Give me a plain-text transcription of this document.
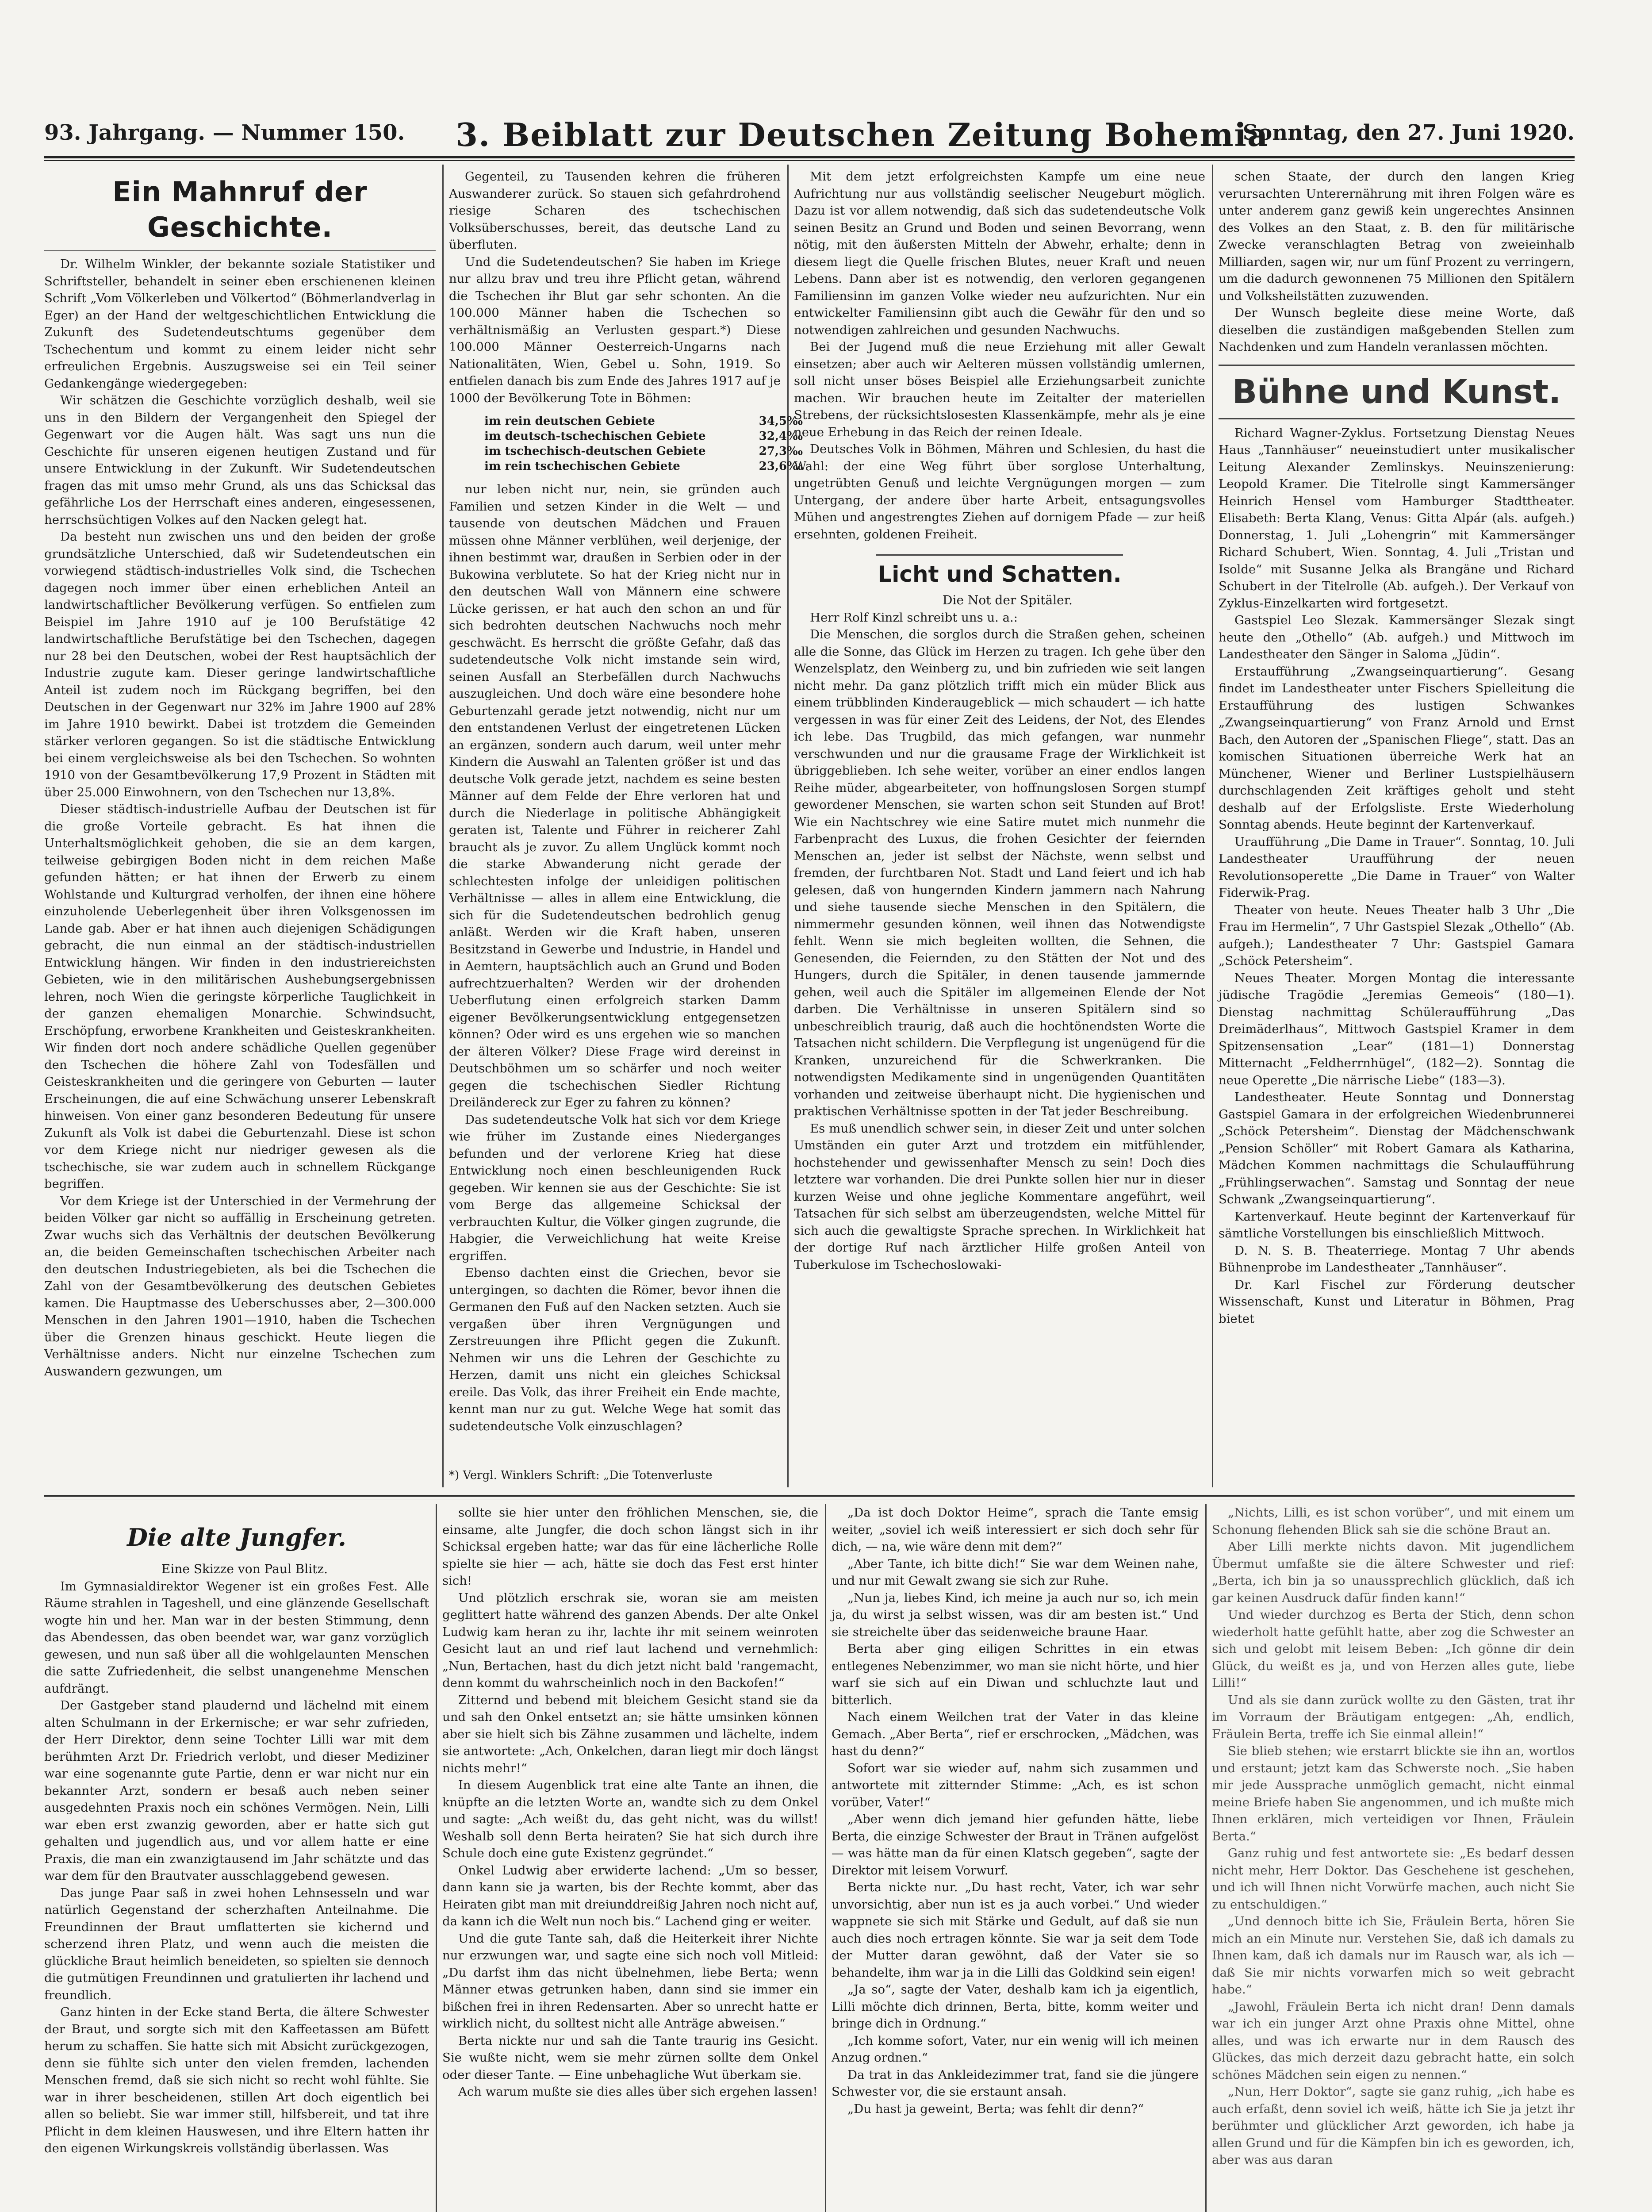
93. Jahrgang. — Nummer 150. 3. Beiblatt zur Deutschen Zeitung Bohemia
Sonntag, den 27. Juni 1920.
Ein Mahnruf der Geschichte.

Dr. Wilhelm Winkler, der bekannte soziale Statistiker und Schriftsteller, behandelt in seiner eben erschienenen kleinen Schrift „Vom Völkerleben und Völkertod“ (Böhmerlandverlag in Eger) an der Hand der weltgeschichtlichen Entwicklung die Zukunft des Sudetendeutschtums gegenüber dem Tschechentum und kommt zu einem leider nicht sehr erfreulichen Ergebnis. Auszugsweise sei ein Teil seiner Gedankengänge wiedergegeben:

Wir schätzen die Geschichte vorzüglich deshalb, weil sie uns in den Bildern der Vergangenheit den Spiegel der Gegenwart vor die Augen hält. Was sagt uns nun die Geschichte für unseren eigenen heutigen Zustand und für unsere Entwicklung in der Zukunft. Wir Sudetendeutschen fragen das mit umso mehr Grund, als uns das Schicksal das gefährliche Los der Herrschaft eines anderen, eingesessenen, herrschsüchtigen Volkes auf den Nacken gelegt hat.

Da besteht nun zwischen uns und den beiden der große grundsätzliche Unterschied, daß wir Sudetendeutschen ein vorwiegend städtisch-industrielles Volk sind, die Tschechen dagegen noch immer über einen erheblichen Anteil an landwirtschaftlicher Bevölkerung verfügen. So entfielen zum Beispiel im Jahre 1910 auf je 100 Berufstätige 42 landwirtschaftliche Berufstätige bei den Tschechen, dagegen nur 28 bei den Deutschen, wobei der Rest hauptsächlich der Industrie zugute kam. Dieser geringe landwirtschaftliche Anteil ist zudem noch im Rückgang begriffen, bei den Deutschen in der Gegenwart nur 32% im Jahre 1900 auf 28% im Jahre 1910 bewirkt. Dabei ist trotzdem die Gemeinden stärker verloren gegangen. So ist die städtische Entwicklung bei einem vergleichsweise als bei den Tschechen. So wohnten 1910 von der Gesamtbevölkerung 17,9 Prozent in Städten mit über 25.000 Einwohnern, von den Tschechen nur 13,8%.

Dieser städtisch-industrielle Aufbau der Deutschen ist für die große Vorteile gebracht. Es hat ihnen die Unterhaltsmöglichkeit gehoben, die sie an dem kargen, teilweise gebirgigen Boden nicht in dem reichen Maße gefunden hätten; er hat ihnen der Erwerb zu einem Wohlstande und Kulturgrad verholfen, der ihnen eine höhere einzuholende Ueberlegenheit über ihren Volksgenossen im Lande gab. Aber er hat ihnen auch diejenigen Schädigungen gebracht, die nun einmal an der städtisch-industriellen Entwicklung hängen. Wir finden in den industriereichsten Gebieten, wie in den militärischen Aushebungsergebnissen lehren, noch Wien die geringste körperliche Tauglichkeit in der ganzen ehemaligen Monarchie. Schwindsucht, Erschöpfung, erworbene Krankheiten und Geisteskrankheiten. Wir finden dort noch andere schädliche Quellen gegenüber den Tschechen die höhere Zahl von Todesfällen und Geisteskrankheiten und die geringere von Geburten — lauter Erscheinungen, die auf eine Schwächung unserer Lebenskraft hinweisen. Von einer ganz besonderen Bedeutung für unsere Zukunft als Volk ist dabei die Geburtenzahl. Diese ist schon vor dem Kriege nicht nur niedriger gewesen als die tschechische, sie war zudem auch in schnellem Rückgange begriffen.

Vor dem Kriege ist der Unterschied in der Vermehrung der beiden Völker gar nicht so auffällig in Erscheinung getreten. Zwar wuchs sich das Verhältnis der deutschen Bevölkerung an, die beiden Gemeinschaften tschechischen Arbeiter nach den deutschen Industriegebieten, als bei die Tschechen die Zahl von der Gesamtbevölkerung des deutschen Gebietes kamen. Die Hauptmasse des Ueberschusses aber, 2—300.000 Menschen in den Jahren 1901—1910, haben die Tschechen über die Grenzen hinaus geschickt. Heute liegen die Verhältnisse anders. Nicht nur einzelne Tschechen zum Auswandern gezwungen, um

Gegenteil, zu Tausenden kehren die früheren Auswanderer zurück. So stauen sich gefahrdrohend riesige Scharen des tschechischen Volksüberschusses, bereit, das deutsche Land zu überfluten.

Und die Sudetendeutschen? Sie haben im Kriege nur allzu brav und treu ihre Pflicht getan, während die Tschechen ihr Blut gar sehr schonten. An die 100.000 Männer haben die Tschechen so verhältnismäßig an Verlusten gespart.*) Diese 100.000 Männer Oesterreich-Ungarns nach Nationalitäten, Wien, Gebel u. Sohn, 1919. So entfielen danach bis zum Ende des Jahres 1917 auf je 1000 der Bevölkerung Tote in Böhmen:

im rein deutschen Gebiete	34,5‰
im deutsch-tschechischen Gebiete	32,4‰
im tschechisch-deutschen Gebiete	27,3‰
im rein tschechischen Gebiete	23,6‰

nur leben nicht nur, nein, sie gründen auch Familien und setzen Kinder in die Welt — und tausende von deutschen Mädchen und Frauen müssen ohne Männer verblühen, weil derjenige, der ihnen bestimmt war, draußen in Serbien oder in der Bukowina verblutete. So hat der Krieg nicht nur in den deutschen Wall von Männern eine schwere Lücke gerissen, er hat auch den schon an und für sich bedrohten deutschen Nachwuchs noch mehr geschwächt. Es herrscht die größte Gefahr, daß das sudetendeutsche Volk nicht imstande sein wird, seinen Ausfall an Sterbefällen durch Nachwuchs auszugleichen. Und doch wäre eine besondere hohe Geburtenzahl gerade jetzt notwendig, nicht nur um den entstandenen Verlust der eingetretenen Lücken an ergänzen, sondern auch darum, weil unter mehr Kindern die Auswahl an Talenten größer ist und das deutsche Volk gerade jetzt, nachdem es seine besten Männer auf dem Felde der Ehre verloren hat und durch die Niederlage in politische Abhängigkeit geraten ist, Talente und Führer in reicherer Zahl braucht als je zuvor. Zu allem Unglück kommt noch die starke Abwanderung nicht gerade der schlechtesten infolge der unleidigen politischen Verhältnisse — alles in allem eine Entwicklung, die sich für die Sudetendeutschen bedrohlich genug anläßt. Werden wir die Kraft haben, unseren Besitzstand in Gewerbe und Industrie, in Handel und in Aemtern, hauptsächlich auch an Grund und Boden aufrechtzuerhalten? Werden wir der drohenden Ueberflutung einen erfolgreich starken Damm eigener Bevölkerungsentwicklung entgegensetzen können? Oder wird es uns ergehen wie so manchen der älteren Völker? Diese Frage wird dereinst in Deutschböhmen um so schärfer und noch weiter gegen die tschechischen Siedler Richtung Dreiländereck zur Eger zu fahren zu können?

Das sudetendeutsche Volk hat sich vor dem Kriege wie früher im Zustande eines Niederganges befunden und der verlorene Krieg hat diese Entwicklung noch einen beschleunigenden Ruck gegeben. Wir kennen sie aus der Geschichte: Sie ist vom Berge das allgemeine Schicksal der verbrauchten Kultur, die Völker gingen zugrunde, die Habgier, die Verweichlichung hat weite Kreise ergriffen.

Ebenso dachten einst die Griechen, bevor sie untergingen, so dachten die Römer, bevor ihnen die Germanen den Fuß auf den Nacken setzten. Auch sie vergaßen über ihren Vergnügungen und Zerstreuungen ihre Pflicht gegen die Zukunft. Nehmen wir uns die Lehren der Geschichte zu Herzen, damit uns nicht ein gleiches Schicksal ereile. Das Volk, das ihrer Freiheit ein Ende machte, kennt man nur zu gut. Welche Wege hat somit das sudetendeutsche Volk einzuschlagen?

*) Vergl. Winklers Schrift: „Die Totenverluste

Mit dem jetzt erfolgreichsten Kampfe um eine neue Aufrichtung nur aus vollständig seelischer Neugeburt möglich. Dazu ist vor allem notwendig, daß sich das sudetendeutsche Volk seinen Besitz an Grund und Boden und seinen Bevorrang, wenn nötig, mit den äußersten Mitteln der Abwehr, erhalte; denn in diesem liegt die Quelle frischen Blutes, neuer Kraft und neuen Lebens. Dann aber ist es notwendig, den verloren gegangenen Familiensinn im ganzen Volke wieder neu aufzurichten. Nur ein entwickelter Familiensinn gibt auch die Gewähr für den und so notwendigen zahlreichen und gesunden Nachwuchs.

Bei der Jugend muß die neue Erziehung mit aller Gewalt einsetzen; aber auch wir Aelteren müssen vollständig umlernen, soll nicht unser böses Beispiel alle Erziehungsarbeit zunichte machen. Wir brauchen heute im Zeitalter der materiellen Strebens, der rücksichtslosesten Klassenkämpfe, mehr als je eine neue Erhebung in das Reich der reinen Ideale.

Deutsches Volk in Böhmen, Mähren und Schlesien, du hast die Wahl: der eine Weg führt über sorglose Unterhaltung, ungetrübten Genuß und leichte Vergnügungen morgen — zum Untergang, der andere über harte Arbeit, entsagungsvolles Mühen und angestrengtes Ziehen auf dornigem Pfade — zur heiß ersehnten, goldenen Freiheit.

Licht und Schatten.

Die Not der Spitäler.

Herr Rolf Kinzl schreibt uns u. a.:

Die Menschen, die sorglos durch die Straßen gehen, scheinen alle die Sonne, das Glück im Herzen zu tragen. Ich gehe über den Wenzelsplatz, den Weinberg zu, und bin zufrieden wie seit langen nicht mehr. Da ganz plötzlich trifft mich ein müder Blick aus einem trübblinden Kinderaugeblick — mich schaudert — ich hatte vergessen in was für einer Zeit des Leidens, der Not, des Elendes ich lebe. Das Trugbild, das mich gefangen, war nunmehr verschwunden und nur die grausame Frage der Wirklichkeit ist übriggeblieben. Ich sehe weiter, vorüber an einer endlos langen Reihe müder, abgearbeiteter, von hoffnungslosen Sorgen stumpf gewordener Menschen, sie warten schon seit Stunden auf Brot! Wie ein Nachtschrey wie eine Satire mutet mich nunmehr die Farbenpracht des Luxus, die frohen Gesichter der feiernden Menschen an, jeder ist selbst der Nächste, wenn selbst und fremden, der furchtbaren Not. Stadt und Land feiert und ich hab gelesen, daß von hungernden Kindern jammern nach Nahrung und siehe tausende sieche Menschen in den Spitälern, die nimmermehr gesunden können, weil ihnen das Notwendigste fehlt. Wenn sie mich begleiten wollten, die Sehnen, die Genesenden, die Feiernden, zu den Stätten der Not und des Hungers, durch die Spitäler, in denen tausende jammernde gehen, weil auch die Spitäler im allgemeinen Elende der Not darben. Die Verhältnisse in unseren Spitälern sind so unbeschreiblich traurig, daß auch die hochtönendsten Worte die Tatsachen nicht schildern. Die Verpflegung ist ungenügend für die Kranken, unzureichend für die Schwerkranken. Die notwendigsten Medikamente sind in ungenügenden Quantitäten vorhanden und zeitweise überhaupt nicht. Die hygienischen und praktischen Verhältnisse spotten in der Tat jeder Beschreibung.

Es muß unendlich schwer sein, in dieser Zeit und unter solchen Umständen ein guter Arzt und trotzdem ein mitfühlender, hochstehender und gewissenhafter Mensch zu sein! Doch dies letztere war vorhanden. Die drei Punkte sollen hier nur in dieser kurzen Weise und ohne jegliche Kommentare angeführt, weil Tatsachen für sich selbst am überzeugendsten, welche Mittel für sich auch die gewaltigste Sprache sprechen. In Wirklichkeit hat der dortige Ruf nach ärztlicher Hilfe großen Anteil von Tuberkulose im Tschechoslowaki-

schen Staate, der durch den langen Krieg verursachten Unterernährung mit ihren Folgen wäre es unter anderem ganz gewiß kein ungerechtes Ansinnen des Volkes an den Staat, z. B. den für militärische Zwecke veranschlagten Betrag von zweieinhalb Milliarden, sagen wir, nur um fünf Prozent zu verringern, um die dadurch gewonnenen 75 Millionen den Spitälern und Volksheilstätten zuzuwenden.

Der Wunsch begleite diese meine Worte, daß dieselben die zuständigen maßgebenden Stellen zum Nachdenken und zum Handeln veranlassen möchten.

Bühne und Kunst.

Richard Wagner-Zyklus. Fortsetzung Dienstag Neues Haus „Tannhäuser“ neueinstudiert unter musikalischer Leitung Alexander Zemlinskys. Neuinszenierung: Leopold Kramer. Die Titelrolle singt Kammersänger Heinrich Hensel vom Hamburger Stadttheater. Elisabeth: Berta Klang, Venus: Gitta Alpár (als. aufgeh.) Donnerstag, 1. Juli „Lohengrin“ mit Kammersänger Richard Schubert, Wien. Sonntag, 4. Juli „Tristan und Isolde“ mit Susanne Jelka als Brangäne und Richard Schubert in der Titelrolle (Ab. aufgeh.). Der Verkauf von Zyklus-Einzelkarten wird fortgesetzt.

Gastspiel Leo Slezak. Kammersänger Slezak singt heute den „Othello“ (Ab. aufgeh.) und Mittwoch im Landestheater den Sänger in Saloma „Jüdin“.

Erstaufführung „Zwangseinquartierung“. Gesang findet im Landestheater unter Fischers Spielleitung die Erstaufführung des lustigen Schwankes „Zwangseinquartierung“ von Franz Arnold und Ernst Bach, den Autoren der „Spanischen Fliege“, statt. Das an komischen Situationen überreiche Werk hat an Münchener, Wiener und Berliner Lustspielhäusern durchschlagenden Zeit kräftiges geholt und steht deshalb auf der Erfolgsliste. Erste Wiederholung Sonntag abends. Heute beginnt der Kartenverkauf.

Uraufführung „Die Dame in Trauer“. Sonntag, 10. Juli Landestheater Uraufführung der neuen Revolutionsoperette „Die Dame in Trauer“ von Walter Fiderwik-Prag.

Theater von heute. Neues Theater halb 3 Uhr „Die Frau im Hermelin“, 7 Uhr Gastspiel Slezak „Othello“ (Ab. aufgeh.); Landestheater 7 Uhr: Gastspiel Gamara „Schöck Petersheim“.

Neues Theater. Morgen Montag die interessante jüdische Tragödie „Jeremias Gemeois“ (180—1). Dienstag nachmittag Schüleraufführung „Das Dreimäderlhaus“, Mittwoch Gastspiel Kramer in dem Spitzensensation „Lear“ (181—1) Donnerstag Mitternacht „Feldherrnhügel“, (182—2). Sonntag die neue Operette „Die närrische Liebe“ (183—3).

Landestheater. Heute Sonntag und Donnerstag Gastspiel Gamara in der erfolgreichen Wiedenbrunnerei „Schöck Petersheim“. Dienstag der Mädchenschwank „Pension Schöller“ mit Robert Gamara als Katharina, Mädchen Kommen nachmittags die Schulaufführung „Frühlingserwachen“. Samstag und Sonntag der neue Schwank „Zwangseinquartierung“.

Kartenverkauf. Heute beginnt der Kartenverkauf für sämtliche Vorstellungen bis einschließlich Mittwoch.

D. N. S. B. Theaterriege. Montag 7 Uhr abends Bühnenprobe im Landestheater „Tannhäuser“.

Dr. Karl Fischel zur Förderung deutscher Wissenschaft, Kunst und Literatur in Böhmen, Prag bietet

Die alte Jungfer.

Eine Skizze von Paul Blitz.

Im Gymnasialdirektor Wegener ist ein großes Fest. Alle Räume strahlen in Tageshell, und eine glänzende Gesellschaft wogte hin und her. Man war in der besten Stimmung, denn das Abendessen, das oben beendet war, war ganz vorzüglich gewesen, und nun saß über all die wohlgelaunten Menschen die satte Zufriedenheit, die selbst unangenehme Menschen aufdrängt.

Der Gastgeber stand plaudernd und lächelnd mit einem alten Schulmann in der Erkernische; er war sehr zufrieden, der Herr Direktor, denn seine Tochter Lilli war mit dem berühmten Arzt Dr. Friedrich verlobt, und dieser Mediziner war eine sogenannte gute Partie, denn er war nicht nur ein bekannter Arzt, sondern er besaß auch neben seiner ausgedehnten Praxis noch ein schönes Vermögen. Nein, Lilli war eben erst zwanzig geworden, aber er hatte sich gut gehalten und jugendlich aus, und vor allem hatte er eine Praxis, die man ein zwanzigtausend im Jahr schätzte und das war dem für den Brautvater ausschlaggebend gewesen.

Das junge Paar saß in zwei hohen Lehnsesseln und war natürlich Gegenstand der scherzhaften Anteilnahme. Die Freundinnen der Braut umflatterten sie kichernd und scherzend ihren Platz, und wenn auch die meisten die glückliche Braut heimlich beneideten, so spielten sie dennoch die gutmütigen Freundinnen und gratulierten ihr lachend und freundlich.

Ganz hinten in der Ecke stand Berta, die ältere Schwester der Braut, und sorgte sich mit den Kaffeetassen am Büfett herum zu schaffen. Sie hatte sich mit Absicht zurückgezogen, denn sie fühlte sich unter den vielen fremden, lachenden Menschen fremd, daß sie sich nicht so recht wohl fühlte. Sie war in ihrer bescheidenen, stillen Art doch eigentlich bei allen so beliebt. Sie war immer still, hilfsbereit, und tat ihre Pflicht in dem kleinen Hauswesen, und ihre Eltern hatten ihr den eigenen Wirkungskreis vollständig überlassen. Was

sollte sie hier unter den fröhlichen Menschen, sie, die einsame, alte Jungfer, die doch schon längst sich in ihr Schicksal ergeben hatte; war das für eine lächerliche Rolle spielte sie hier — ach, hätte sie doch das Fest erst hinter sich!

Und plötzlich erschrak sie, woran sie am meisten geglittert hatte während des ganzen Abends. Der alte Onkel Ludwig kam heran zu ihr, lachte ihr mit seinem weinroten Gesicht laut an und rief laut lachend und vernehmlich: „Nun, Bertachen, hast du dich jetzt nicht bald 'rangemacht, denn kommt du wahrscheinlich noch in den Backofen!“

Zitternd und bebend mit bleichem Gesicht stand sie da und sah den Onkel entsetzt an; sie hätte umsinken können aber sie hielt sich bis Zähne zusammen und lächelte, indem sie antwortete: „Ach, Onkelchen, daran liegt mir doch längst nichts mehr!“

In diesem Augenblick trat eine alte Tante an ihnen, die knüpfte an die letzten Worte an, wandte sich zu dem Onkel und sagte: „Ach weißt du, das geht nicht, was du willst! Weshalb soll denn Berta heiraten? Sie hat sich durch ihre Schule doch eine gute Existenz gegründet.“

Onkel Ludwig aber erwiderte lachend: „Um so besser, dann kann sie ja warten, bis der Rechte kommt, aber das Heiraten gibt man mit dreiunddreißig Jahren noch nicht auf, da kann ich die Welt nun noch bis.“ Lachend ging er weiter.

Und die gute Tante sah, daß die Heiterkeit ihrer Nichte nur erzwungen war, und sagte eine sich noch voll Mitleid: „Du darfst ihm das nicht übelnehmen, liebe Berta; wenn Männer etwas getrunken haben, dann sind sie immer ein bißchen frei in ihren Redensarten. Aber so unrecht hatte er wirklich nicht, du solltest nicht alle Anträge abweisen.“

Berta nickte nur und sah die Tante traurig ins Gesicht. Sie wußte nicht, wem sie mehr zürnen sollte dem Onkel oder dieser Tante. — Eine unbehagliche Wut überkam sie.

Ach warum mußte sie dies alles über sich ergehen lassen!

„Da ist doch Doktor Heime“, sprach die Tante emsig weiter, „soviel ich weiß interessiert er sich doch sehr für dich, — na, wie wäre denn mit dem?“

„Aber Tante, ich bitte dich!“ Sie war dem Weinen nahe, und nur mit Gewalt zwang sie sich zur Ruhe.

„Nun ja, liebes Kind, ich meine ja auch nur so, ich mein ja, du wirst ja selbst wissen, was dir am besten ist.“ Und sie streichelte über das seidenweiche braune Haar.

Berta aber ging eiligen Schrittes in ein etwas entlegenes Nebenzimmer, wo man sie nicht hörte, und hier warf sie sich auf ein Diwan und schluchzte laut und bitterlich.

Nach einem Weilchen trat der Vater in das kleine Gemach. „Aber Berta“, rief er erschrocken, „Mädchen, was hast du denn?“

Sofort war sie wieder auf, nahm sich zusammen und antwortete mit zitternder Stimme: „Ach, es ist schon vorüber, Vater!“

„Aber wenn dich jemand hier gefunden hätte, liebe Berta, die einzige Schwester der Braut in Tränen aufgelöst — was hätte man da für einen Klatsch gegeben“, sagte der Direktor mit leisem Vorwurf.

Berta nickte nur. „Du hast recht, Vater, ich war sehr unvorsichtig, aber nun ist es ja auch vorbei.“ Und wieder wappnete sie sich mit Stärke und Gedult, auf daß sie nun auch dies noch ertragen könnte. Sie war ja seit dem Tode der Mutter daran gewöhnt, daß der Vater sie so behandelte, ihm war ja in die Lilli das Goldkind sein eigen!

„Ja so“, sagte der Vater, deshalb kam ich ja eigentlich, Lilli möchte dich drinnen, Berta, bitte, komm weiter und bringe dich in Ordnung.“

„Ich komme sofort, Vater, nur ein wenig will ich meinen Anzug ordnen.“

Da trat in das Ankleidezimmer trat, fand sie die jüngere Schwester vor, die sie erstaunt ansah.

„Du hast ja geweint, Berta; was fehlt dir denn?“

„Nichts, Lilli, es ist schon vorüber“, und mit einem um Schonung flehenden Blick sah sie die schöne Braut an.

Aber Lilli merkte nichts davon. Mit jugendlichem Übermut umfaßte sie die ältere Schwester und rief: „Berta, ich bin ja so unaussprechlich glücklich, daß ich gar keinen Ausdruck dafür finden kann!“

Und wieder durchzog es Berta der Stich, denn schon wiederholt hatte gefühlt hatte, aber zog die Schwester an sich und gelobt mit leisem Beben: „Ich gönne dir dein Glück, du weißt es ja, und von Herzen alles gute, liebe Lilli!“

Und als sie dann zurück wollte zu den Gästen, trat ihr im Vorraum der Bräutigam entgegen: „Ah, endlich, Fräulein Berta, treffe ich Sie einmal allein!“

Sie blieb stehen; wie erstarrt blickte sie ihn an, wortlos und erstaunt; jetzt kam das Schwerste noch. „Sie haben mir jede Aussprache unmöglich gemacht, nicht einmal meine Briefe haben Sie angenommen, und ich mußte mich Ihnen erklären, mich verteidigen vor Ihnen, Fräulein Berta.“

Ganz ruhig und fest antwortete sie: „Es bedarf dessen nicht mehr, Herr Doktor. Das Geschehene ist geschehen, und ich will Ihnen nicht Vorwürfe machen, auch nicht Sie zu entschuldigen.“

„Und dennoch bitte ich Sie, Fräulein Berta, hören Sie mich an ein Minute nur. Verstehen Sie, daß ich damals zu Ihnen kam, daß ich damals nur im Rausch war, als ich — daß Sie mir nichts vorwarfen mich so weit gebracht habe.“

„Jawohl, Fräulein Berta ich nicht dran! Denn damals war ich ein junger Arzt ohne Praxis ohne Mittel, ohne alles, und was ich erwarte nur in dem Rausch des Glückes, das mich derzeit dazu gebracht hatte, ein solch schönes Mädchen sein eigen zu nennen.“

„Nun, Herr Doktor“, sagte sie ganz ruhig, „ich habe es auch erfaßt, denn soviel ich weiß, hätte ich Sie ja jetzt ihr berühmter und glücklicher Arzt geworden, ich habe ja allen Grund und für die Kämpfen bin ich es geworden, ich, aber was aus daran
